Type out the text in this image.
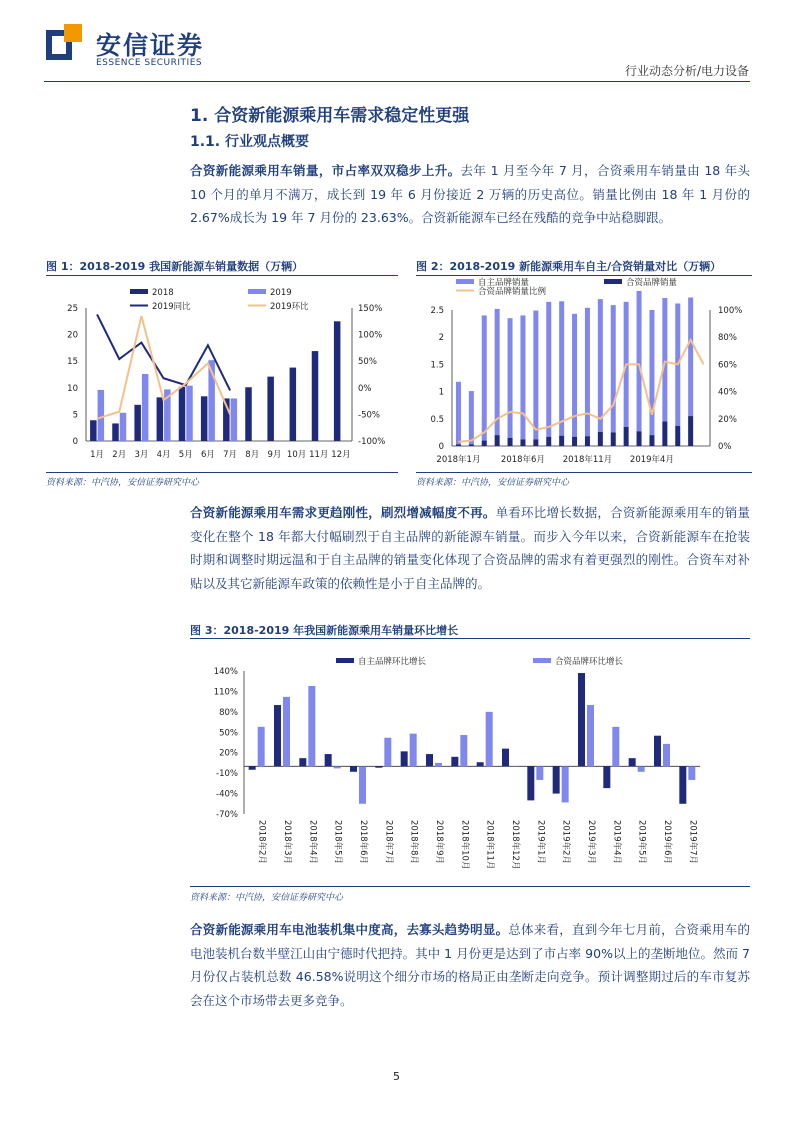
安信证券
ESSENCE SECURITIES
行业动态分析/电力设备
1. 合资新能源乘用车需求稳定性更强
1.1. 行业观点概要
合资新能源乘用车销量，市占率双双稳步上升。去年 1 月至今年 7 月，合资乘用车销量由 18 年头 10 个月的单月不满万，成长到 19 年 6 月份接近 2 万辆的历史高位。销量比例由 18 年 1 月份的 2.67%成长为 19 年 7 月份的 23.63%。合资新能源车已经在残酷的竞争中站稳脚跟。
图 1：2018-2019 我国新能源车销量数据（万辆）
2018	2019
2019同比	2019环比
0
5
10
15
20
25
-100%
-50%
0%
50%
100%
150%
1月 2月 3月 4月 5月 6月 7月 8月 9月 10月 11月 12月
资料来源：中汽协，安信证券研究中心
图 2：2018-2019 新能源乘用车自主/合资销量对比（万辆）
自主品牌销量	合资品牌销量
合资品牌销量比例
0
0.5
1
1.5
2
2.5
0%
20%
40%
60%
80%
100%
2018年1月 2018年6月 2018年11月 2019年4月
资料来源：中汽协，安信证券研究中心
合资新能源乘用车需求更趋刚性，刷烈增减幅度不再。单看环比增长数据，合资新能源乘用车的销量变化在整个 18 年都大付幅刷烈于自主品牌的新能源车销量。而步入今年以来，合资新能源车在抢装时期和调整时期远温和于自主品牌的销量变化体现了合资品牌的需求有着更强烈的刚性。合资车对补贴以及其它新能源车政策的依赖性是小于自主品牌的。
图 3：2018-2019 年我国新能源乘用车销量环比增长
自主品牌环比增长	合资品牌环比增长
-70%
-40%
-10%
20%
50%
80%
110%
140%
2018年2月 2018年3月 2018年4月 2018年5月 2018年6月 2018年7月 2018年8月 2018年9月 2018年10月 2018年11月 2018年12月 2019年1月 2019年2月 2019年3月 2019年4月 2019年5月 2019年6月 2019年7月
资料来源：中汽协，安信证券研究中心
合资新能源乘用车电池装机集中度高，去寡头趋势明显。总体来看，直到今年七月前，合资乘用车的电池装机台数半壁江山由宁德时代把持。其中 1 月份更是达到了市占率 90%以上的垄断地位。然而 7 月份仅占装机总数 46.58%说明这个细分市场的格局正由垄断走向竞争。预计调整期过后的车市复苏会在这个市场带去更多竞争。
5
